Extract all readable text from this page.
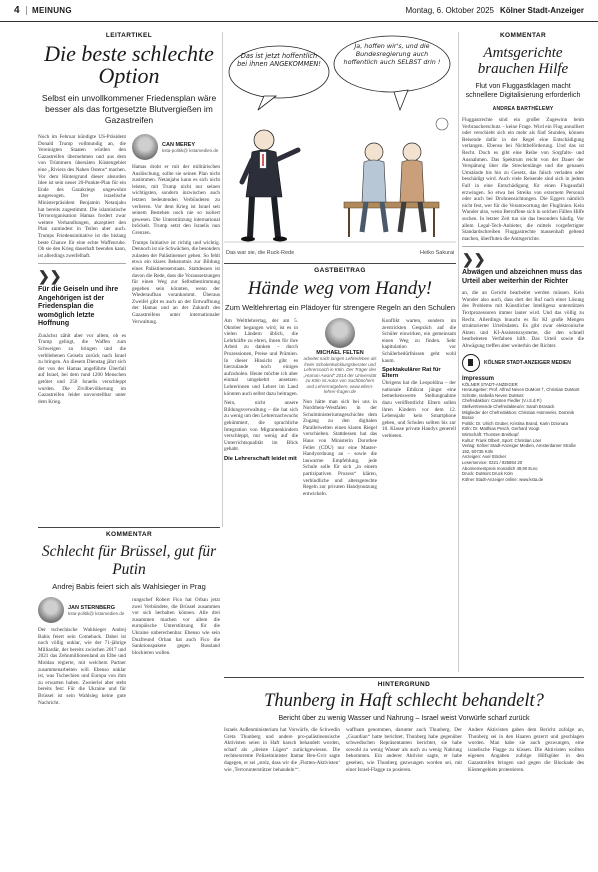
4	MEINUNG	Montag, 6. Oktober 2025 Kölner Stadt-Anzeiger
LEITARTIKEL
Die beste schlechte Option
Selbst ein unvollkommener Friedensplan wäre besser als das fortgesetzte Blutvergießen im Gazastreifen

Noch im Februar kündigte US-Präsident Donald Trump vollmundig an, die Vereinigten Staaten würden den Gazastreifen übernehmen und aus dem von Trümmern übersäten Küstengebiet eine „Riviera des Nahen Ostens“ machen. Vor dem Hintergrund dieser absurden Idee ist sein neuer 20-Punkte-Plan für ein Ende des Gazakriegs ungewohnt ausgewogen. Der israelische Ministerpräsident Benjamin Netanjahu hat bereits zugestimmt. Die islamistische Terrororganisation Hamas fordert zwar weitere Verhandlungen, akzeptiert den Plan zumindest in Teilen aber auch. Trumps Friedensinitiative ist die bislang beste Chance für eine echte Waffenruhe. Ob sie den Krieg dauerhaft beenden kann, ist allerdings zweifelhaft.

❯❯
Für die Geiseln und ihre Angehörigen ist der Friedensplan die womöglich letzte Hoffnung

Zunächst zählt aber vor allem, ob es Trump gelingt, die Waffen zum Schweigen zu bringen und die verbliebenen Geiseln zurück nach Israel zu bringen. An diesem Dienstag jährt sich der von der Hamas angeführte Überfall auf Israel, bei dem rund 1200 Menschen getötet und 250 Israelis verschleppt wurden. Die Zivilbevölkerung im Gazastreifen leidet unvorstellbar unter dem Krieg.

CAN MEREY
kstа-politik@ kstamedien.de

Hamas droht er mit der militärischen Auslöschung, sollte sie seinen Plan nicht zustimmen. Netanjahu kann es sich nicht leisten, mit Trump nicht nur seinen wichtigsten, sondern inzwischen auch letzten bedeutenden Verbündeten zu verlieren. Vor dem Krieg ist Israel seit seinem Bestehen noch nie so isoliert gewesen. Die Unterstützung international bröckelt. Trump setzt den Israelis nun Grenzen.

Trumps Initiative ist richtig und wichtig. Dennoch ist sie Schwächen, die besonders zulasten der Palästinenser gehen. So fehlt etwa ein klares Bekenntnis zur Bildung eines Palästinenserstaats. Stattdessen ist davon die Rede, dass die Voraussetzungen für einen Weg zur Selbstbestimmung gegeben sein könnten, wenn der Wiederaufbau vorankommt. Überaus Zweifel gibt es auch an der Entwaffnung der Hamas und an der Zukunft des Gazastreifens unter internationaler Verwaltung.

Das ist jetzt hoffentlich bei ihnen ANGEKOMMEN!
Ja, hoffen wir's, und die Bundesregierung auch hoffentlich auch SELBST drin !
Das war sie, die Ruck-Rede	Heiko Sakurai
KOMMENTAR
Amtsgerichte brauchen Hilfe
Flut von Fluggastklagen macht schnellere Digitalisierung erforderlich
ANDREA BARTHÉLEMY

Fluggastrechte sind ein großer Zugewinn beim Verbraucherschutz – keine Frage. Wird ein Flug annulliert oder verschiebt sich ein mehr als fünf Stunden, können Reisende dafür in der Regel eine Entschädigung verlangen. Ebenso bei Nichtbeförderung. Und das ist Recht. Doch es gibt eine Reihe von Sorgfalts- und Ausnahmen. Das Spektrum reicht von der Dauer der Verspätung über die Streckenlänge und die genauen Umstände bis hin zu Gesetz, das falsch verladen oder beschädigt wird. Auch viele Reisende sind sich in jedem Fall in eine Entschädigung für einen Flugausfall erzwingen. So etwa bei Streiks von externem Personal oder auch bei Drohnensichtungen. Die Eggers nämlich nicht fest, wer für die Verantwortung der Fluglinien. Kein Wunder also, wenn Betroffene sich in solchen Fällen Hilfe suchen. In letzter Zeit tun sie das besonders häufig. Vor allem Legal-Tech-Anbieter, die mittels vorgefertigter Standardschreiben Fluggastrechte massenhaft geltend machen, überfluten die Amtsgerichte.

❯❯
Abwägen und abzeichnen muss das Urteil aber weiterhin der Richter

an, die an Gericht bearbeitet werden müssen. Kein Wunder also auch, dass dort der Ruf nach einer Lösung des Problems mit Künstlicher Intelligenz unterstützen Textprozessoren immer lauter wird. Und das völlig zu Recht. Allerdings braucht es für KI große Mengen strukturierter Urteilsdaten. Es gibt zwar elektronische Akten und KI-Assistenzsysteme, die den schnell bearbeiteten Verfahren hilft. Das Urteil sowie die Abwägung treffen aber weiterhin der Richter.

KÖLNER STADT-ANZEIGER MEDIEN
Impressum
KÖLNER STADT-ANZEIGER
Herausgeber: Prof. Alfred Neven DuMont †, Christian DuMont Schütte, Isabella Neven DuMont
Chefredaktion: Carsten Fiedler (V.i.S.d.P.)
Stellvertretende Chefredakteurin: Sarah Brasack
Mitglieder der Chefredaktion: Christian Hümmeler, Dominik Bosse
Politik: Dr. Ulrich Gruber, Kristina Brand, Karin Dzionara
Köln: Dr. Matthias Pesch, Gerhard Voogt
Wirtschaft: Thorsten Breitkopf
Kultur: Frank Olbert, Sport: Christian Löer
Verlag: Kölner Stadt-Anzeiger Medien, Amsterdamer Straße 192, 50735 Köln
Anzeigen: Axel Stöcker
Leserservice: 0221 / 925864 20
Abonnementpreis monatlich 49,90 Euro
Druck: DuMont Druck Köln
Kölner Stadt-Anzeiger online: www.ksta.de
GASTBEITRAG
Hände weg vom Handy!
Zum Weltlehrertag ein Plädoyer für strengere Regeln an den Schulen

Am Welttlehrertag, der am 5. Oktober begangen wird, ist es in vielen Ländern üblich, die Lehrkräfte zu ehren, ihnen für ihre Arbeit zu danken – durch Prozessionen, Preise und Prämien. In dieser Hinsicht gibt es hierzulande noch einiges aufzuholen. Heute möchte ich aber einmal umgekehrt ansetzen: Lehrerinnen und Lehrer im Land könnten auch selbst dazu beitragen.

Nein, nicht unsere Bildungsverwaltung – die hat sich zu wenig um den Lehrernachwuchs gekümmert, die sprachliche Integration von Migrantenkindern verschleppt, nur wenig auf die Unterrichtsqualität im Blick gehabt.

Die Lehrerschaft leidet mit
MICHAEL FELTEN
arbeitet nach langen Lehrerleben als freier Schulentwicklungsberater und Lehrercoach in Köln. Der Träger des „Human Award“ 2014 der Universität zu Köln ist Autor von Sachbüchern und Lehrerratgebern, www.eltern-lehrer-fragen.de

Nun hätte man sich bei uns in Nordrhein-Westfalen in der Schulministeriumsgeschichte dem Zugang zu den digitalen Parallelwelten einen klaren Riegel vorschieben. Stattdessen hat das Haus von Ministerin Dorothee Feller (CDU) nur eine Master-Handyordnung an – sowie die lauwarme Empfehlung, jede Schule solle für sich „in einem partizipativen Prozess“ klären, verbindliche und altersgerechte Regeln zur privaten Handynutzung entwickeln.

Konflikt warten, sondern im zerstrickten Gespräch auf die Schüler einwirken, ein gemeinsam einen Weg zu finden. Sehr kapitulation vor Schülerbedürfnissen geht wohl kaum.

Spektakulärer Rat für Eltern

Übrigens hat die Leopoldina – der nationale Ethikrat jüngst eine bemerkenswerte Stellungnahme dazu veröffentlicht: Eltern sollen ihren Kindern vor dem 12. Lebensjahr kein Smartphone geben, und Schulen sollten bis zur 10. Klasse private Handys generell verbieten.

KOMMENTAR
Schlecht für Brüssel, gut für Putin
Andrej Babis feiert sich als Wahlsieger in Prag
JAN STERNBERG
kstа-politik@ kstamedien.de

Der tschechische Wahlsieger Andrej Babis feiert sein Comeback. Dabei ist noch völlig unklar, wie der 71-jährige Milliardär, der bereits zwischen 2017 und 2021 das Zehnmillionenland an Elbe und Moldau regierte, mit welchem Partner zusammenarbeiten will. Ebenso unklar ist, was Tschechien und Europa von ihm zu erwarten haben. Zweierlei aber steht bereits fest: Für die Ukraine und für Brüssel ist sein Wahlsieg keine gute Nachricht.

rungschef Robert Fico hat Orban jetzt zwei Verbündete, die Brüssel zusammen vor sich herbalten können. Alle drei zusammen machen vor allem die europäische Unterstützung für die Ukraine unberechenbar. Ebenso wie sein Duzfreund Orban hat auch Fico die Sanktionspakete gegen Russland blockieren wollen.

HINTERGRUND
Thunberg in Haft schlecht behandelt?
Bericht über zu wenig Wasser und Nahrung – Israel weist Vorwürfe scharf zurück

Israels Außenministerium hat Vorwürfe, die Schwedin Greta Thunberg und andere pro-palästinensische Aktivisten seien in Haft harsch behandelt worden, scharf als „dreiste Lügen“ zurückgewiesen. Die rechtsextreme Polizeiminister Itamar Ben-Gvir sagte dagegen, er sei „stolz, dass wir die ‚Flotten-Aktivisten‘ wie ‚Terrorunterstützer behandeln‘“.

waffnam genommen, darunter auch Thunberg. Der „Guardian“ hatte berichtet, Thunberg habe gegenüber schwedischen Repräsentanten berichtet, sie habe sowohl zu wenig Wasser als auch zu wenig Nahrung bekommen. Ein anderer Aktivist sagte, er habe gesehen, wie Thunberg gezwungen worden sei, mit einer Israel-Flagge zu posieren.

Andere Aktivisten gaben dem Bericht zufolge an, Thunberg sei in den Haaren gezerrt und geschlagen worden. Man habe sie auch gezwungen, eine israelische Flagge zu küssen. Die Aktivisten wollten eigenen Angaben zufolge Hilfsgüter in den Gazastreifen bringen und gegen die Blockade des Küstengebiets protestieren.
